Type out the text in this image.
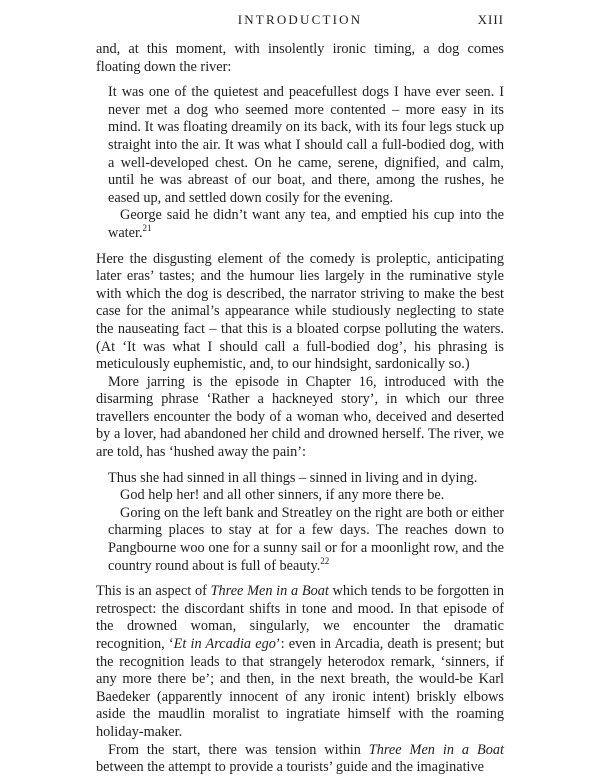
INTRODUCTION	XIII

and, at this moment, with insolently ironic timing, a dog comes floating down the river:

It was one of the quietest and peacefullest dogs I have ever seen. I never met a dog who seemed more contented – more easy in its mind. It was floating dreamily on its back, with its four legs stuck up straight into the air. It was what I should call a full-bodied dog, with a well-developed chest. On he came, serene, dignified, and calm, until he was abreast of our boat, and there, among the rushes, he eased up, and settled down cosily for the evening.

George said he didn’t want any tea, and emptied his cup into the water.$^{21}$

Here the disgusting element of the comedy is proleptic, anticipating later eras’ tastes; and the humour lies largely in the ruminative style with which the dog is described, the narrator striving to make the best case for the animal’s appearance while studiously neglecting to state the nauseating fact – that this is a bloated corpse polluting the waters. (At ‘It was what I should call a full-bodied dog’, his phrasing is meticulously euphemistic, and, to our hindsight, sardonically so.)

More jarring is the episode in Chapter 16, introduced with the disarming phrase ‘Rather a hackneyed story’, in which our three travellers encounter the body of a woman who, deceived and deserted by a lover, had abandoned her child and drowned herself. The river, we are told, has ‘hushed away the pain’:

Thus she had sinned in all things – sinned in living and in dying.

God help her! and all other sinners, if any more there be.

Goring on the left bank and Streatley on the right are both or either charming places to stay at for a few days. The reaches down to Pangbourne woo one for a sunny sail or for a moonlight row, and the country round about is full of beauty.$^{22}$

This is an aspect of Three Men in a Boat which tends to be forgotten in retrospect: the discordant shifts in tone and mood. In that episode of the drowned woman, singularly, we encounter the dramatic recognition, ‘Et in Arcadia ego’: even in Arcadia, death is present; but the recognition leads to that strangely heterodox remark, ‘sinners, if any more there be’; and then, in the next breath, the would-be Karl Baedeker (apparently innocent of any ironic intent) briskly elbows aside the maudlin moralist to ingratiate himself with the roaming holiday-maker.

From the start, there was tension within Three Men in a Boat between the attempt to provide a tourists’ guide and the imaginative
